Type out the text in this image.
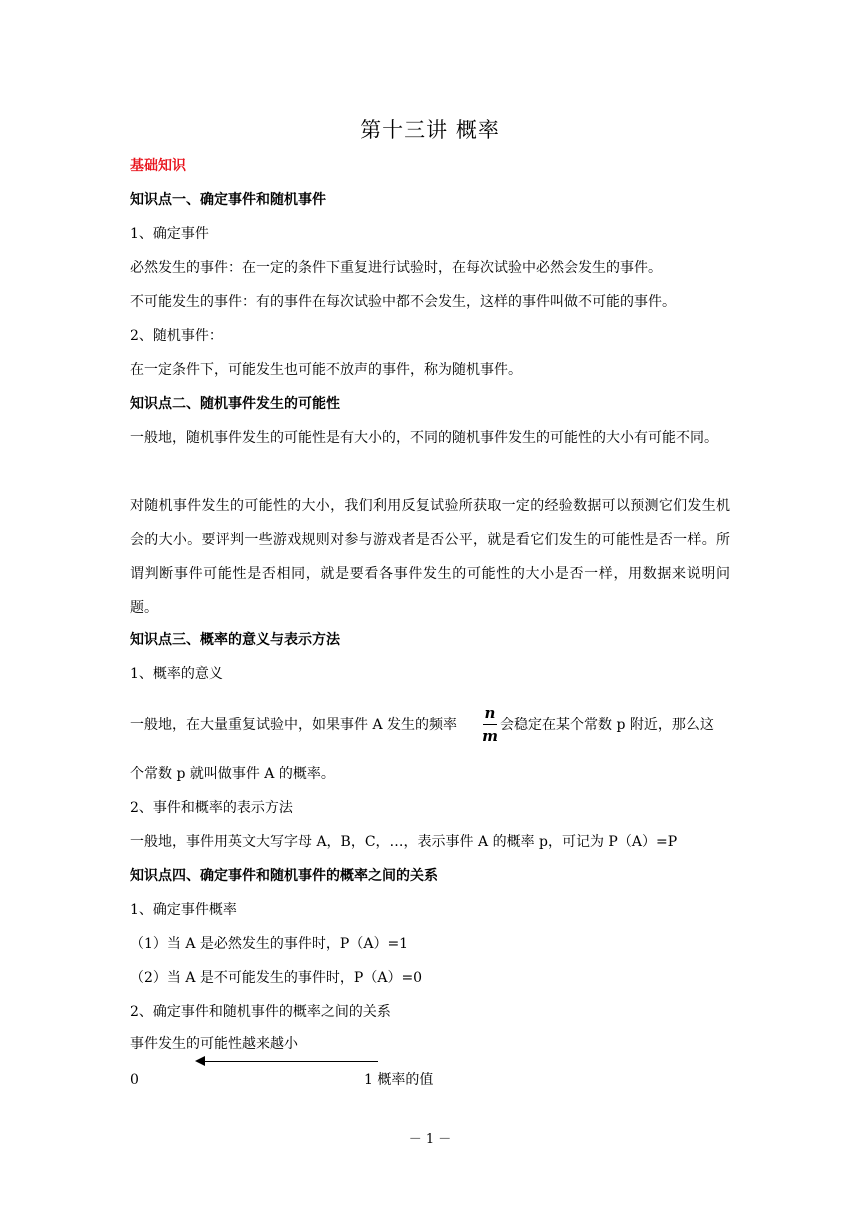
第十三讲 概率
基础知识
知识点一、确定事件和随机事件
1、确定事件
必然发生的事件：在一定的条件下重复进行试验时，在每次试验中必然会发生的事件。
不可能发生的事件：有的事件在每次试验中都不会发生，这样的事件叫做不可能的事件。
2、随机事件：
在一定条件下，可能发生也可能不放声的事件，称为随机事件。
知识点二、随机事件发生的可能性
一般地，随机事件发生的可能性是有大小的，不同的随机事件发生的可能性的大小有可能不同。
对随机事件发生的可能性的大小，我们利用反复试验所获取一定的经验数据可以预测它们发生机会的大小。要评判一些游戏规则对参与游戏者是否公平，就是看它们发生的可能性是否一样。所谓判断事件可能性是否相同，就是要看各事件发生的可能性的大小是否一样，用数据来说明问题。
知识点三、概率的意义与表示方法
1、概率的意义
一般地，在大量重复试验中，如果事件 A 发生的频率
n
m
会稳定在某个常数 p 附近，那么这
个常数 p 就叫做事件 A 的概率。
2、事件和概率的表示方法
一般地，事件用英文大写字母 A，B，C，…，表示事件 A 的概率 p，可记为 P（A）=P
知识点四、确定事件和随机事件的概率之间的关系
1、确定事件概率
（1）当 A 是必然发生的事件时，P（A）=1
（2）当 A 是不可能发生的事件时，P（A）=0
2、确定事件和随机事件的概率之间的关系
事件发生的可能性越来越小
0	1 概率的值
－ 1 －
